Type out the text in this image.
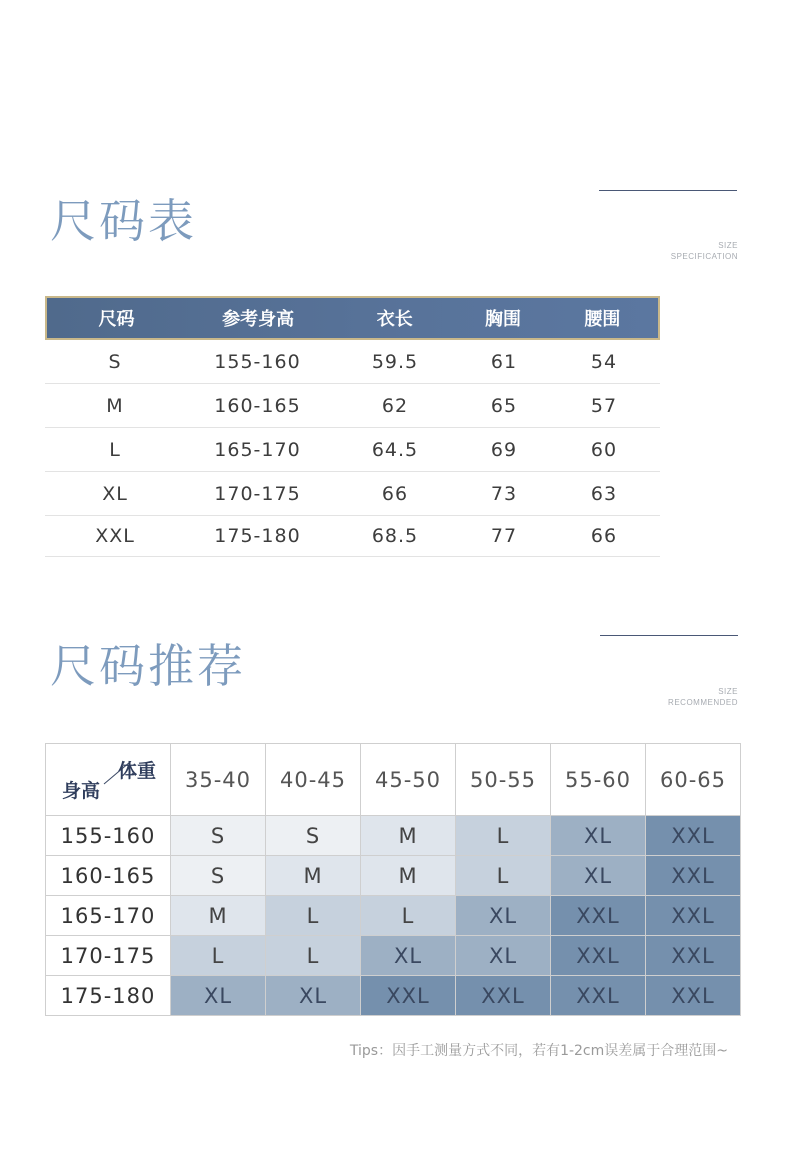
尺码表	SIZE
SPECIFICATION
尺码	参考身高	衣长	胸围	腰围
S	155-160	59.5	61	54
M	160-165	62	65	57
L	165-170	64.5	69	60
XL	170-175	66	73	63
XXL	175-180	68.5	77	66
尺码推荐	SIZE
RECOMMENDED
体重
身高	35-40	40-45	45-50	50-55	55-60	60-65
155-160	S	S	M	L	XL	XXL
160-165	S	M	M	L	XL	XXL
165-170	M	L	L	XL	XXL	XXL
170-175	L	L	XL	XL	XXL	XXL
175-180	XL	XL	XXL	XXL	XXL	XXL
Tips：因手工测量方式不同，若有1-2cm误差属于合理范围~
